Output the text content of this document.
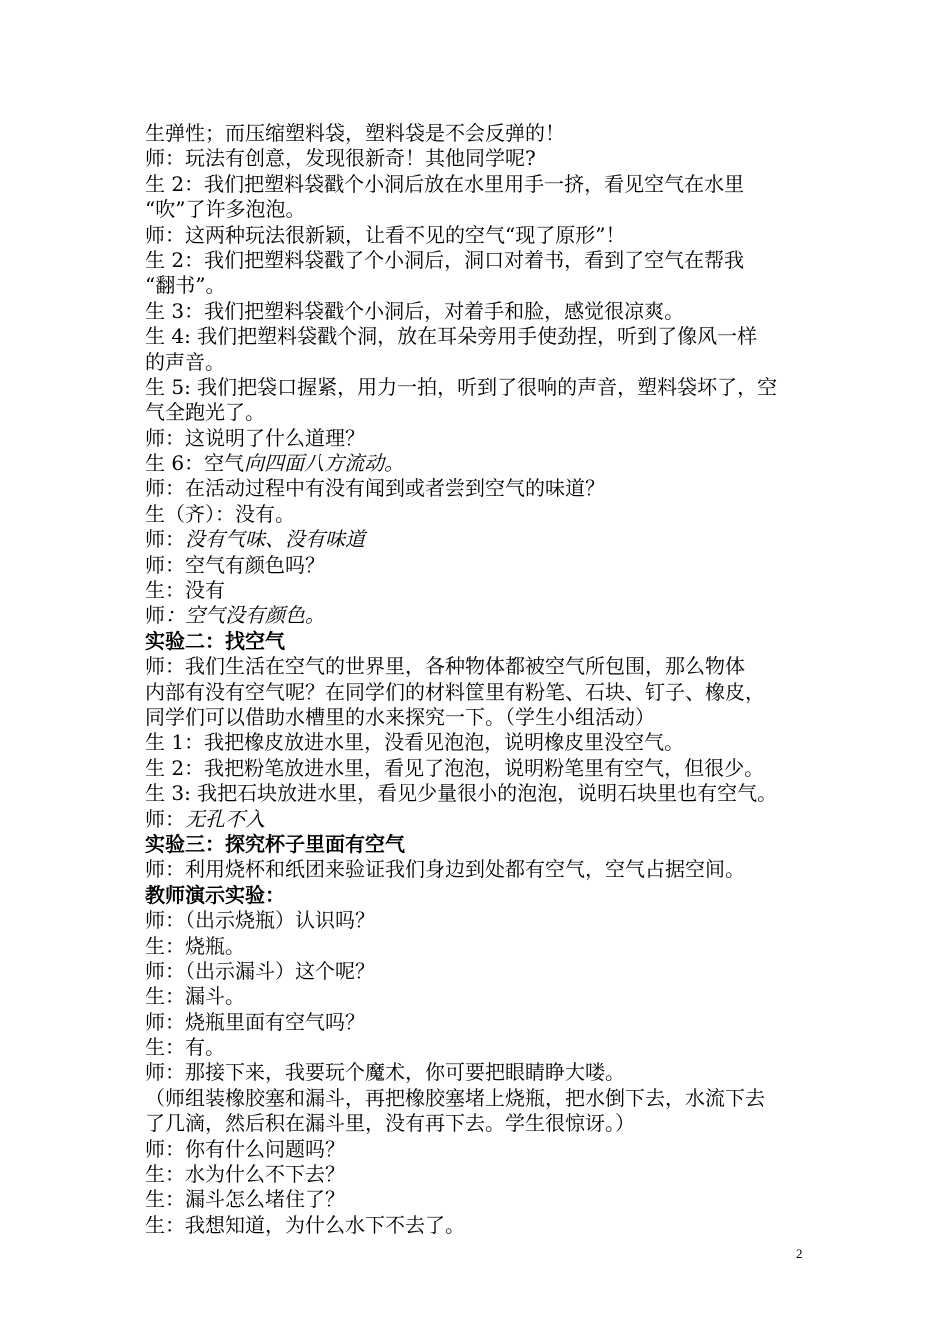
生弹性；而压缩塑料袋，塑料袋是不会反弹的！
师：玩法有创意，发现很新奇！其他同学呢?
生 2：我们把塑料袋戳个小洞后放在水里用手一挤，看见空气在水里
“吹”了许多泡泡。
师：这两种玩法很新颖，让看不见的空气“现了原形”！
生 2：我们把塑料袋戳了个小洞后，洞口对着书，看到了空气在帮我
“翻书”。
生 3：我们把塑料袋戳个小洞后，对着手和脸，感觉很凉爽。
生 4: 我们把塑料袋戳个洞，放在耳朵旁用手使劲捏，听到了像风一样
的声音。
生 5: 我们把袋口握紧，用力一拍，听到了很响的声音，塑料袋坏了，空
气全跑光了。
师：这说明了什么道理？
生 6：空气向四面八方流动。
师：在活动过程中有没有闻到或者尝到空气的味道？
生（齐）：没有。
师：没有气味、没有味道
师：空气有颜色吗？
生：没有
师：空气没有颜色。
实验二：找空气
师：我们生活在空气的世界里，各种物体都被空气所包围，那么物体
内部有没有空气呢？在同学们的材料筐里有粉笔、石块、钉子、橡皮，
同学们可以借助水槽里的水来探究一下。（学生小组活动）
生 1：我把橡皮放进水里，没看见泡泡，说明橡皮里没空气。
生 2：我把粉笔放进水里，看见了泡泡，说明粉笔里有空气，但很少。
生 3: 我把石块放进水里，看见少量很小的泡泡，说明石块里也有空气。
师：无孔不入
实验三：探究杯子里面有空气
师：利用烧杯和纸团来验证我们身边到处都有空气，空气占据空间。
教师演示实验：
师：（出示烧瓶）认识吗？
生：烧瓶。
师：（出示漏斗）这个呢？
生：漏斗。
师：烧瓶里面有空气吗？
生：有。
师：那接下来，我要玩个魔术，你可要把眼睛睁大喽。
（师组装橡胶塞和漏斗，再把橡胶塞堵上烧瓶，把水倒下去，水流下去
了几滴，然后积在漏斗里，没有再下去。学生很惊讶。）
师：你有什么问题吗？
生：水为什么不下去？
生：漏斗怎么堵住了？
生：我想知道，为什么水下不去了。
2
